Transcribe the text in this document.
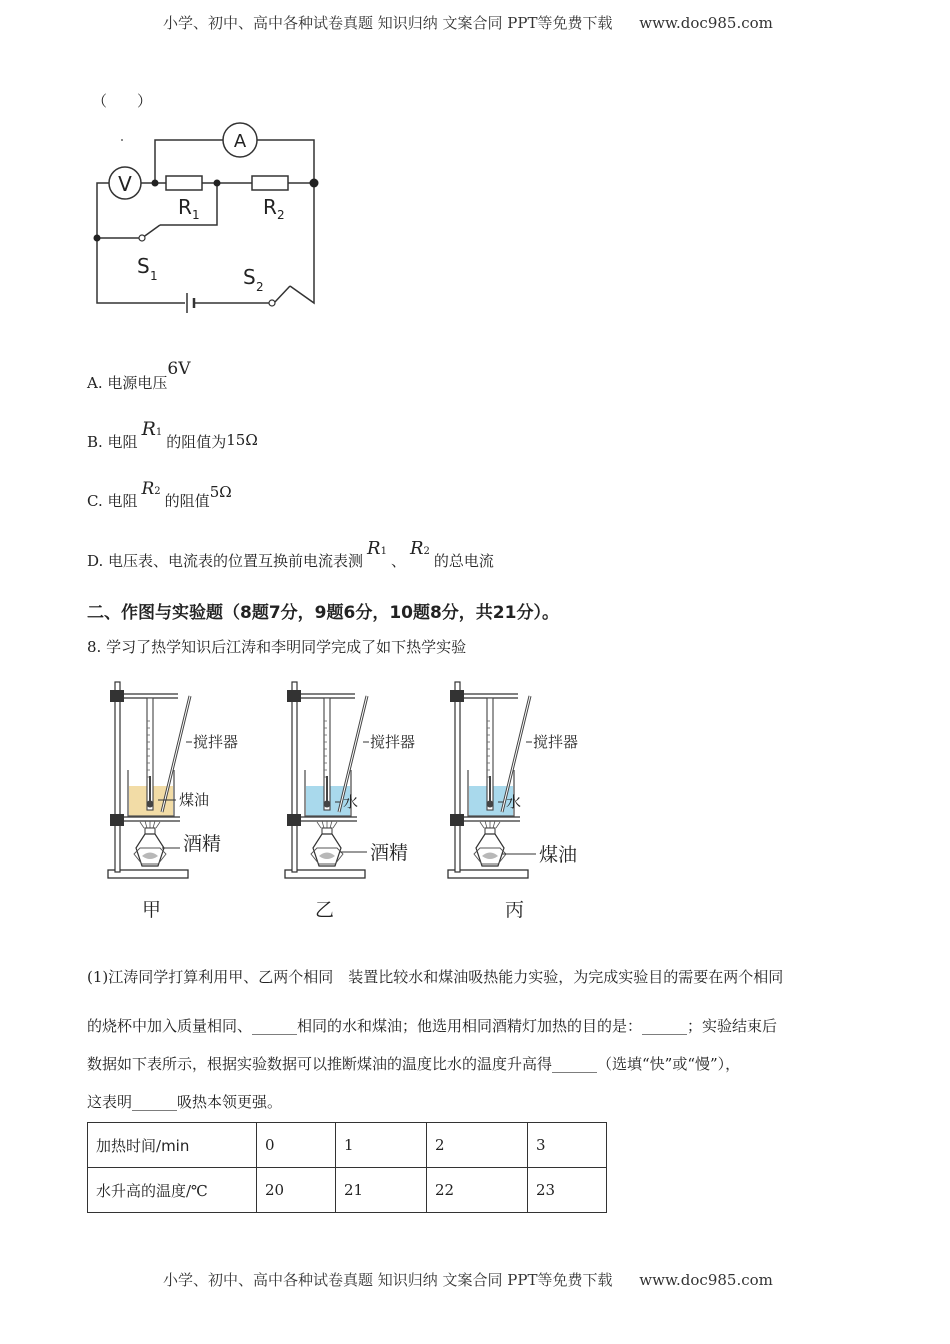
小学、初中、高中各种试卷真题 知识归纳 文案合同 PPT等免费下载 www.doc985.com
（　　）
V
A
R 1	R 2
S 1	S 2
A. 电源电压6V
B. 电阻R1的阻值为15Ω
C. 电阻R2的阻值5Ω
D. 电压表、电流表的位置互换前电流表测R1、R2的总电流
二、作图与实验题（8题7分，9题6分，10题8分，共21分）。
8. 学习了热学知识后江涛和李明同学完成了如下热学实验
搅拌器
煤油
酒精
甲
搅拌器
水
酒精
乙
搅拌器
水
煤油
丙
(1)江涛同学打算利用甲、乙两个相同　装置比较水和煤油吸热能力实验，为完成实验目的需要在两个相同
的烧杯中加入质量相同、______相同的水和煤油；他选用相同酒精灯加热的目的是：______；实验结束后
数据如下表所示，根据实验数据可以推断煤油的温度比水的温度升高得______（选填“快”或“慢”），
这表明______吸热本领更强。
加热时间/min	0	1	2	3
水升高的温度/℃	20	21	22	23
小学、初中、高中各种试卷真题 知识归纳 文案合同 PPT等免费下载 www.doc985.com
